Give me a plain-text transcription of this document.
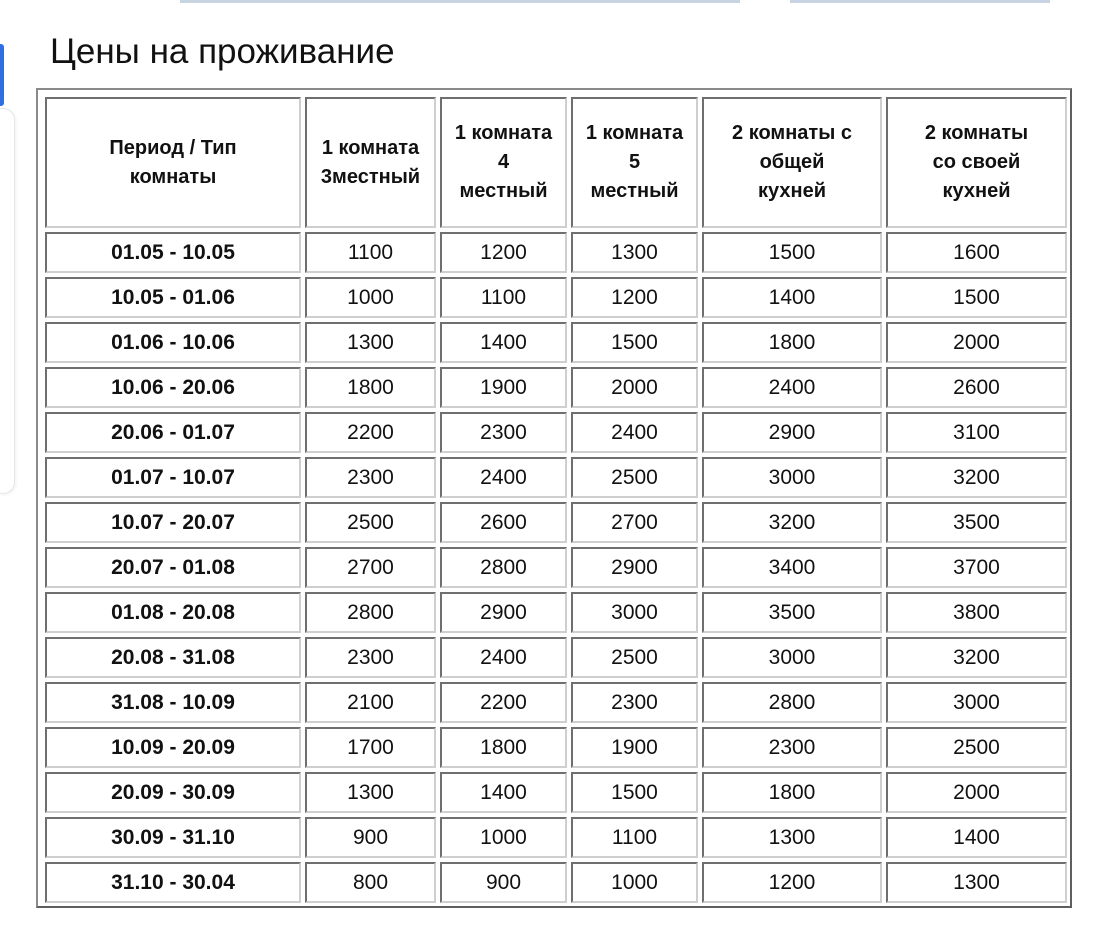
Цены на проживание
Период / Тип комнаты	1 комната 3местный	1 комната 4 местный	1 комната 5 местный	2 комнаты с общей кухней	2 комнаты со своей кухней
01.05 - 10.05	1100	1200	1300	1500	1600
10.05 - 01.06	1000	1100	1200	1400	1500
01.06 - 10.06	1300	1400	1500	1800	2000
10.06 - 20.06	1800	1900	2000	2400	2600
20.06 - 01.07	2200	2300	2400	2900	3100
01.07 - 10.07	2300	2400	2500	3000	3200
10.07 - 20.07	2500	2600	2700	3200	3500
20.07 - 01.08	2700	2800	2900	3400	3700
01.08 - 20.08	2800	2900	3000	3500	3800
20.08 - 31.08	2300	2400	2500	3000	3200
31.08 - 10.09	2100	2200	2300	2800	3000
10.09 - 20.09	1700	1800	1900	2300	2500
20.09 - 30.09	1300	1400	1500	1800	2000
30.09 - 31.10	900	1000	1100	1300	1400
31.10 - 30.04	800	900	1000	1200	1300
